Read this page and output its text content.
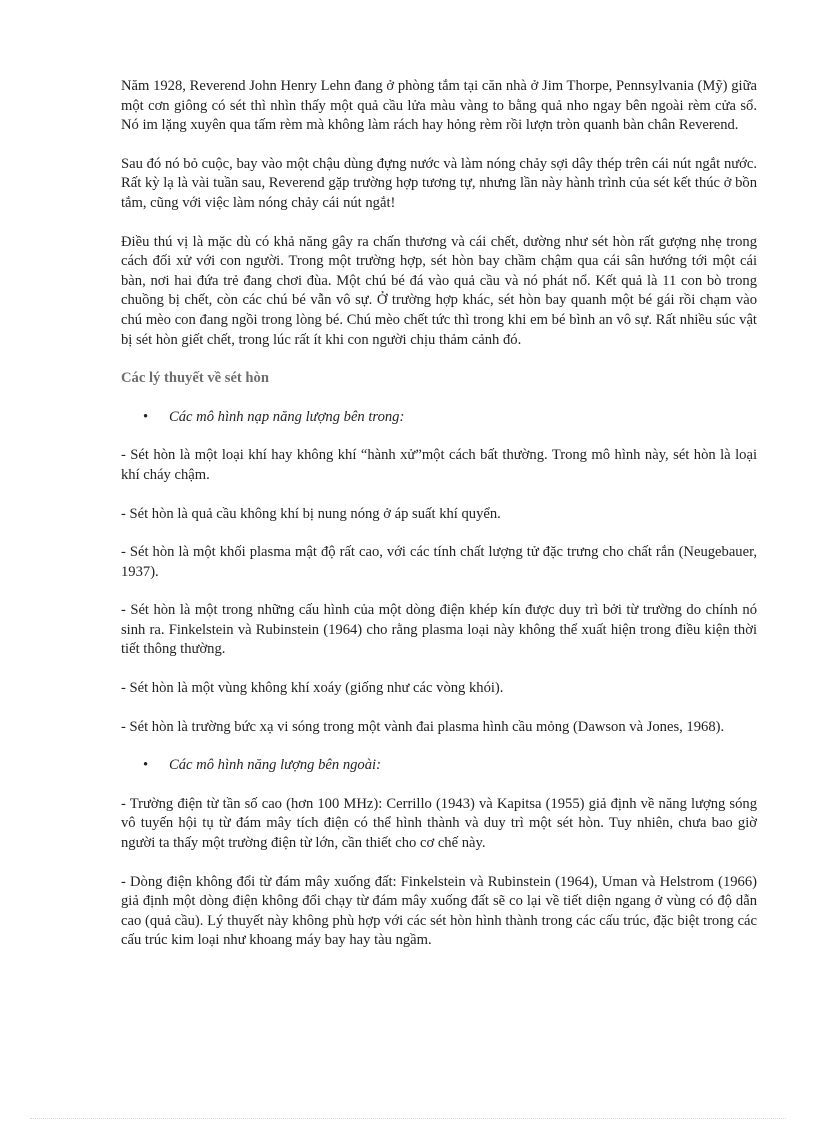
Năm 1928, Reverend John Henry Lehn đang ở phòng tắm tại căn nhà ở Jim Thorpe, Pennsylvania (Mỹ) giữa một cơn giông có sét thì nhìn thấy một quả cầu lửa màu vàng to bằng quả nho ngay bên ngoài rèm cửa sổ. Nó im lặng xuyên qua tấm rèm mà không làm rách hay hỏng rèm rồi lượn tròn quanh bàn chân Reverend.

Sau đó nó bỏ cuộc, bay vào một chậu dùng đựng nước và làm nóng chảy sợi dây thép trên cái nút ngắt nước. Rất kỳ lạ là vài tuần sau, Reverend gặp trường hợp tương tự, nhưng lần này hành trình của sét kết thúc ở bồn tắm, cũng với việc làm nóng chảy cái nút ngắt!

Điều thú vị là mặc dù có khả năng gây ra chấn thương và cái chết, dường như sét hòn rất gượng nhẹ trong cách đối xử với con người. Trong một trường hợp, sét hòn bay chầm chậm qua cái sân hướng tới một cái bàn, nơi hai đứa trẻ đang chơi đùa. Một chú bé đá vào quả cầu và nó phát nổ. Kết quả là 11 con bò trong chuồng bị chết, còn các chú bé vẫn vô sự. Ở trường hợp khác, sét hòn bay quanh một bé gái rồi chạm vào chú mèo con đang ngồi trong lòng bé. Chú mèo chết tức thì trong khi em bé bình an vô sự. Rất nhiều súc vật bị sét hòn giết chết, trong lúc rất ít khi con người chịu thảm cảnh đó.

Các lý thuyết về sét hòn
•	Các mô hình nạp năng lượng bên trong:

- Sét hòn là một loại khí hay không khí “hành xử”một cách bất thường. Trong mô hình này, sét hòn là loại khí cháy chậm.

- Sét hòn là quả cầu không khí bị nung nóng ở áp suất khí quyển.

- Sét hòn là một khối plasma mật độ rất cao, với các tính chất lượng tử đặc trưng cho chất rắn (Neugebauer, 1937).

- Sét hòn là một trong những cấu hình của một dòng điện khép kín được duy trì bởi từ trường do chính nó sinh ra. Finkelstein và Rubinstein (1964) cho rằng plasma loại này không thể xuất hiện trong điều kiện thời tiết thông thường.

- Sét hòn là một vùng không khí xoáy (giống như các vòng khói).

- Sét hòn là trường bức xạ vi sóng trong một vành đai plasma hình cầu mỏng (Dawson và Jones, 1968).

•	Các mô hình năng lượng bên ngoài:

- Trường điện từ tần số cao (hơn 100 MHz): Cerrillo (1943) và Kapitsa (1955) giả định về năng lượng sóng vô tuyến hội tụ từ đám mây tích điện có thể hình thành và duy trì một sét hòn. Tuy nhiên, chưa bao giờ người ta thấy một trường điện từ lớn, cần thiết cho cơ chế này.

- Dòng điện không đổi từ đám mây xuống đất: Finkelstein và Rubinstein (1964), Uman và Helstrom (1966) giả định một dòng điện không đổi chạy từ đám mây xuống đất sẽ co lại về tiết diện ngang ở vùng có độ dẫn cao (quả cầu). Lý thuyết này không phù hợp với các sét hòn hình thành trong các cấu trúc, đặc biệt trong các cấu trúc kim loại như khoang máy bay hay tàu ngầm.
